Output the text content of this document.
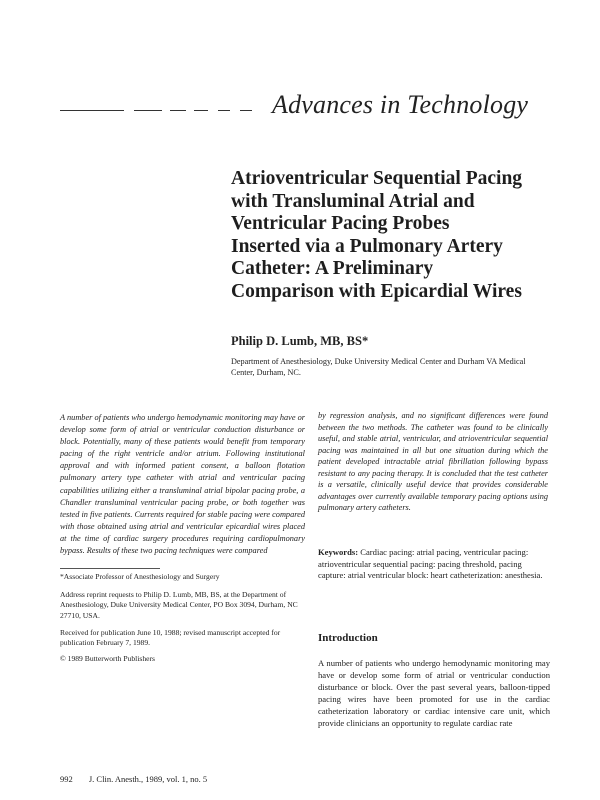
Advances in Technology
Atrioventricular Sequential Pacing
with Transluminal Atrial and
Ventricular Pacing Probes
Inserted via a Pulmonary Artery
Catheter: A Preliminary
Comparison with Epicardial Wires
Philip D. Lumb, MB, BS*
Department of Anesthesiology, Duke University Medical Center and Durham VA Medical Center, Durham, NC.
A number of patients who undergo hemodynamic monitoring may have or develop some form of atrial or ventricular conduction disturbance or block. Potentially, many of these patients would benefit from temporary pacing of the right ventricle and/or atrium. Following institutional approval and with informed patient consent, a balloon flotation pulmonary artery type catheter with atrial and ventricular pacing capabilities utilizing either a transluminal atrial bipolar pacing probe, a Chandler transluminal ventricular pacing probe, or both together was tested in five patients. Currents required for stable pacing were compared with those obtained using atrial and ventricular epicardial wires placed at the time of cardiac surgery procedures requiring cardiopulmonary bypass. Results of these two pacing techniques were compared
by regression analysis, and no significant differences were found between the two methods. The catheter was found to be clinically useful, and stable atrial, ventricular, and atrioventricular sequential pacing was maintained in all but one situation during which the patient developed intractable atrial fibrillation following bypass resistant to any pacing therapy. It is concluded that the test catheter is a versatile, clinically useful device that provides considerable advantages over currently available temporary pacing options using pulmonary artery catheters.
Keywords: Cardiac pacing: atrial pacing, ventricular pacing: atrioventricular sequential pacing: pacing threshold, pacing capture: atrial ventricular block: heart catheterization: anesthesia.
*Associate Professor of Anesthesiology and Surgery
Address reprint requests to Philip D. Lumb, MB, BS, at the Department of Anesthesiology, Duke University Medical Center, PO Box 3094, Durham, NC 27710, USA.
Received for publication June 10, 1988; revised manuscript accepted for publication February 7, 1989.
© 1989 Butterworth Publishers
Introduction
A number of patients who undergo hemodynamic monitoring may have or develop some form of atrial or ventricular conduction disturbance or block. Over the past several years, balloon-tipped pacing wires have been promoted for use in the cardiac catheterization laboratory or cardiac intensive care unit, which provide clinicians an opportunity to regulate cardiac rate
992 J. Clin. Anesth., 1989, vol. 1, no. 5
